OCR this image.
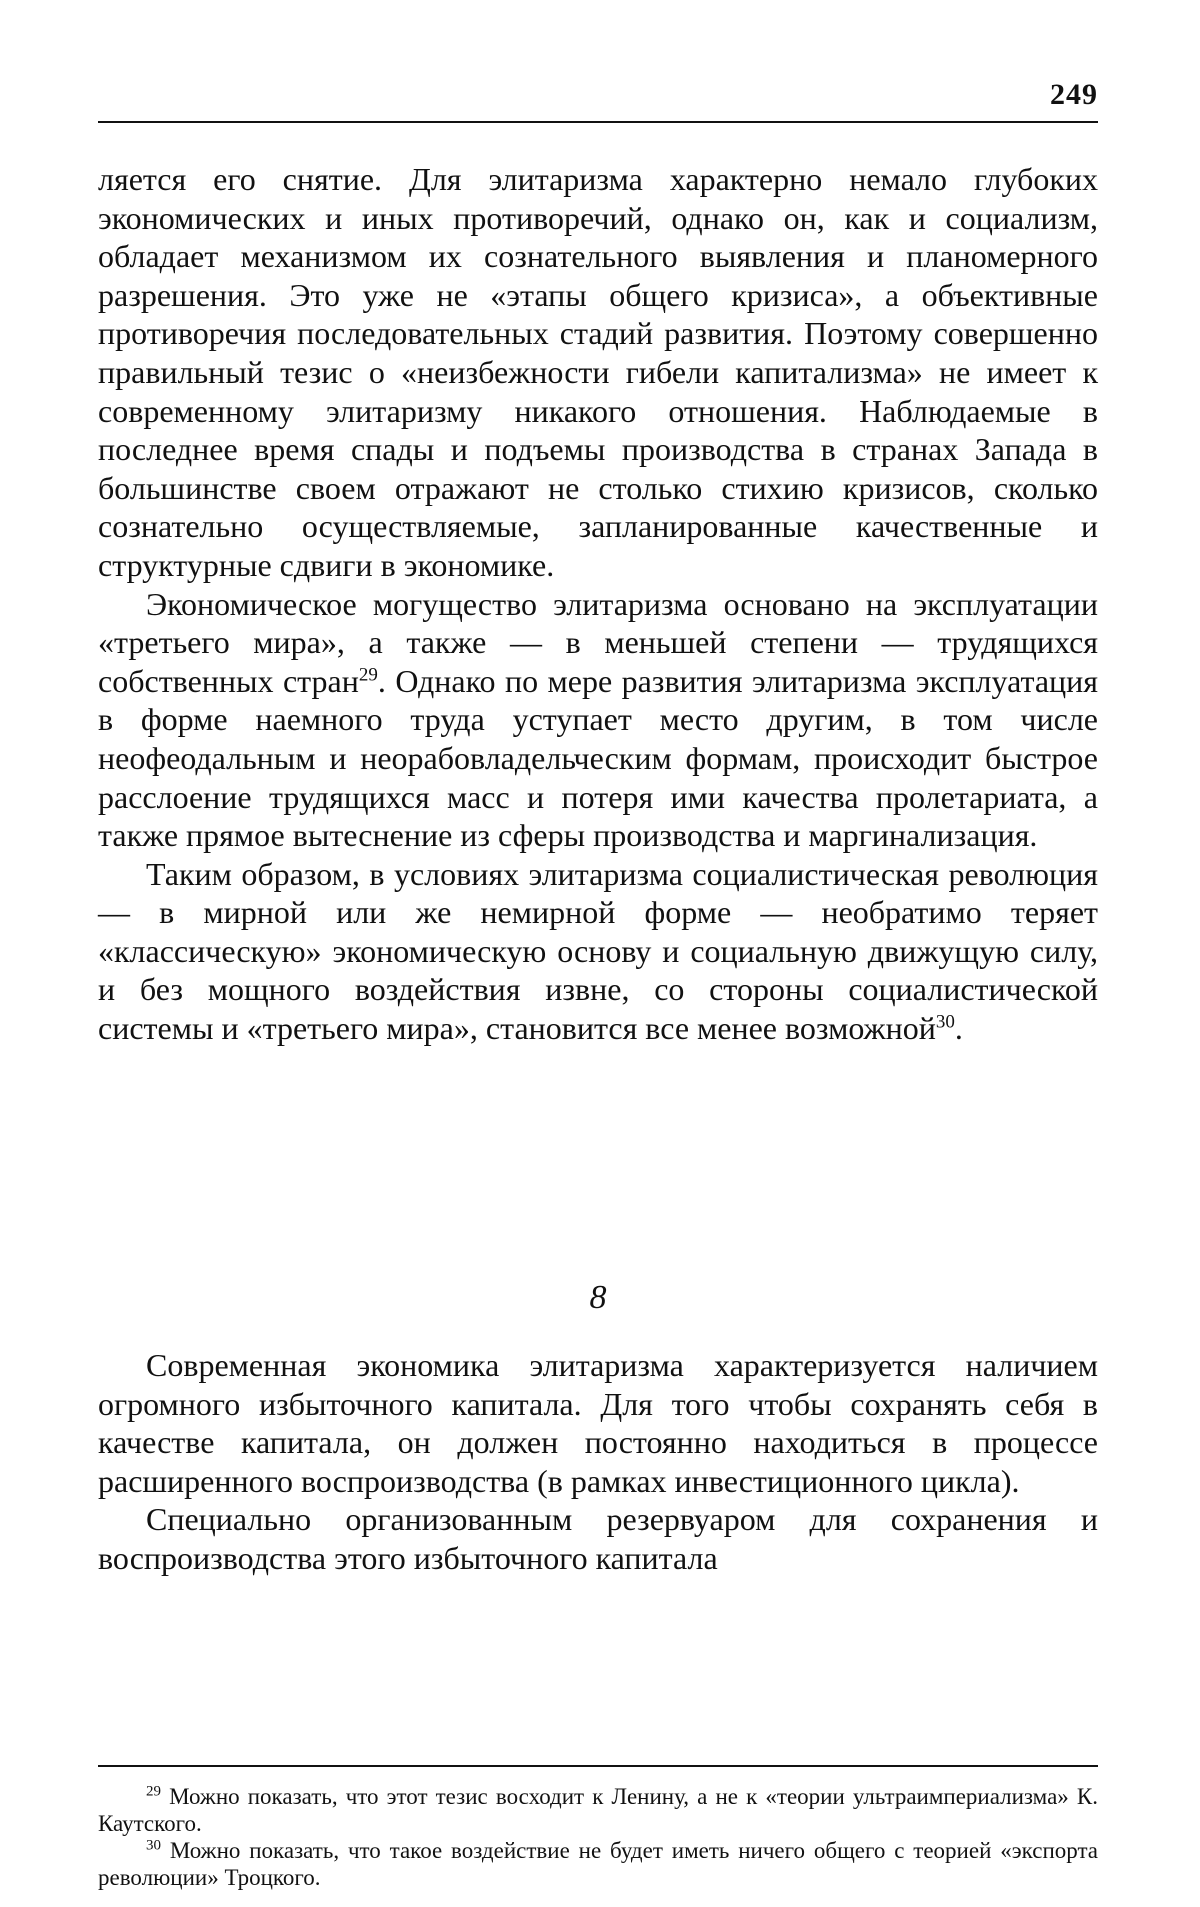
249

ляется его снятие. Для элитаризма характерно немало глубоких экономических и иных противоречий, однако он, как и социализм, обладает механизмом их сознательного выявления и планомерного разрешения. Это уже не «этапы общего кризиса», а объективные противоречия последовательных стадий развития. Поэтому совершенно правильный тезис о «неизбежности гибели капитализма» не имеет к современному элитаризму никакого отношения. Наблюдаемые в последнее время спады и подъемы производства в странах Запада в большинстве своем отражают не столько стихию кризисов, сколько сознательно осуществляемые, запланированные качественные и структурные сдвиги в экономике.

Экономическое могущество элитаризма основано на эксплуатации «третьего мира», а также — в меньшей степени — трудящихся собственных стран$^{29}$. Однако по мере развития элитаризма эксплуатация в форме наемного труда уступает место другим, в том числе неофеодальным и неорабовладельческим формам, происходит быстрое расслоение трудящихся масс и потеря ими качества пролетариата, а также прямое вытеснение из сферы производства и маргинализация.

Таким образом, в условиях элитаризма социалистическая революция — в мирной или же немирной форме — необратимо теряет «классическую» экономическую основу и социальную движущую силу, и без мощного воздействия извне, со стороны социалистической системы и «третьего мира», становится все менее возможной$^{30}$.

8

Современная экономика элитаризма характеризуется наличием огромного избыточного капитала. Для того чтобы сохранять себя в качестве капитала, он должен постоянно находиться в процессе расширенного воспроизводства (в рамках инвестиционного цикла).

Специально организованным резервуаром для сохранения и воспроизводства этого избыточного капитала

$^{29}$ Можно показать, что этот тезис восходит к Ленину, а не к «теории ультраимпериализма» К. Каутского.

$^{30}$ Можно показать, что такое воздействие не будет иметь ничего общего с теорией «экспорта революции» Троцкого.
